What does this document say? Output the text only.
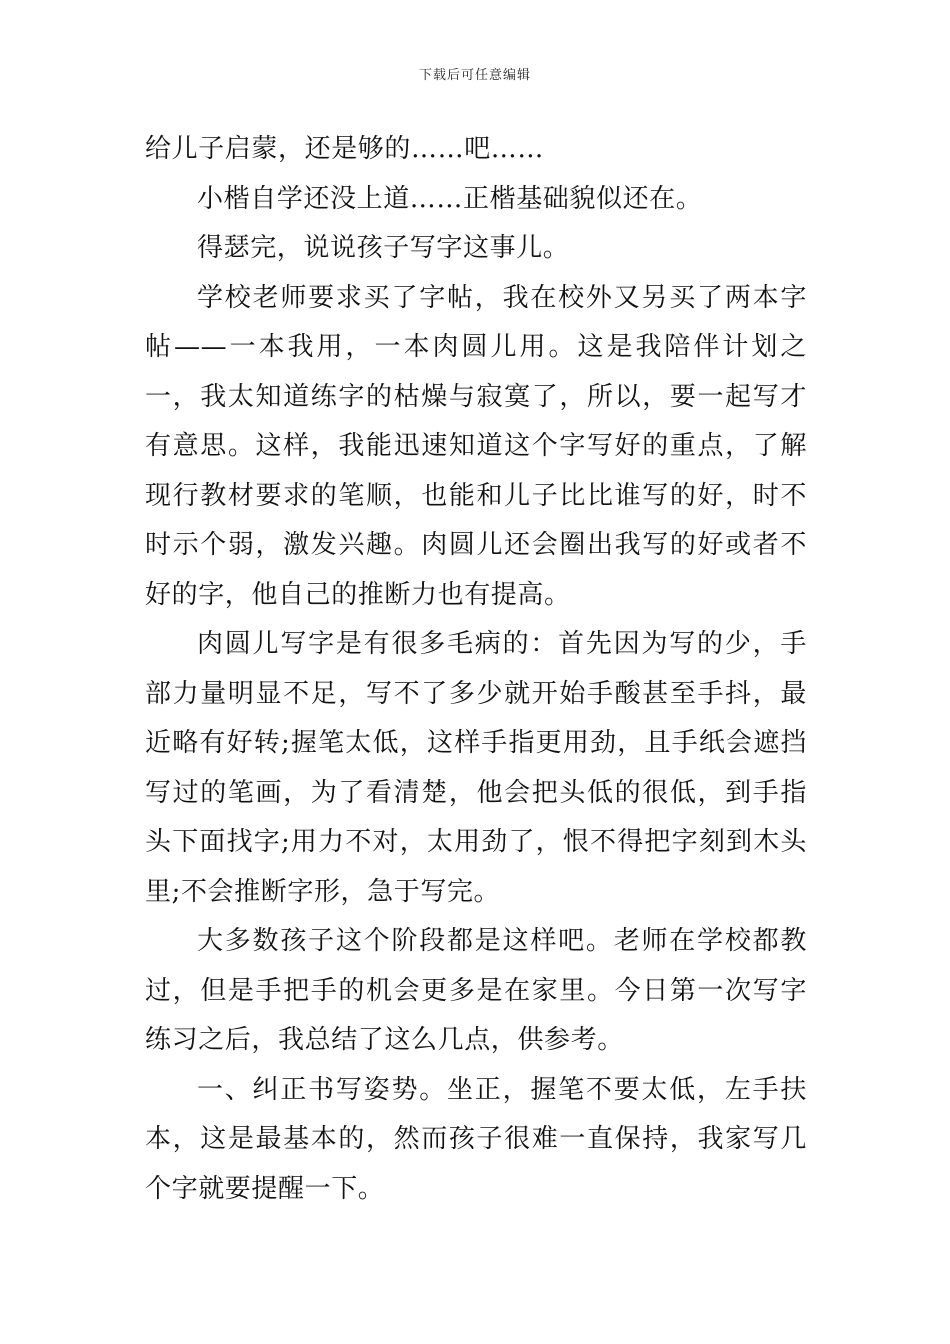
下载后可任意编辑

给儿子启蒙，还是够的……吧……

小楷自学还没上道……正楷基础貌似还在。

得瑟完，说说孩子写字这事儿。

学校老师要求买了字帖，我在校外又另买了两本字帖——一本我用，一本肉圆儿用。这是我陪伴计划之一，我太知道练字的枯燥与寂寞了，所以，要一起写才有意思。这样，我能迅速知道这个字写好的重点，了解现行教材要求的笔顺，也能和儿子比比谁写的好，时不时示个弱，激发兴趣。肉圆儿还会圈出我写的好或者不好的字，他自己的推断力也有提高。

肉圆儿写字是有很多毛病的：首先因为写的少，手部力量明显不足，写不了多少就开始手酸甚至手抖，最近略有好转;握笔太低，这样手指更用劲，且手纸会遮挡写过的笔画，为了看清楚，他会把头低的很低，到手指头下面找字;用力不对，太用劲了，恨不得把字刻到木头里;不会推断字形，急于写完。

大多数孩子这个阶段都是这样吧。老师在学校都教过，但是手把手的机会更多是在家里。今日第一次写字练习之后，我总结了这么几点，供参考。

一、纠正书写姿势。坐正，握笔不要太低，左手扶本，这是最基本的，然而孩子很难一直保持，我家写几个字就要提醒一下。
